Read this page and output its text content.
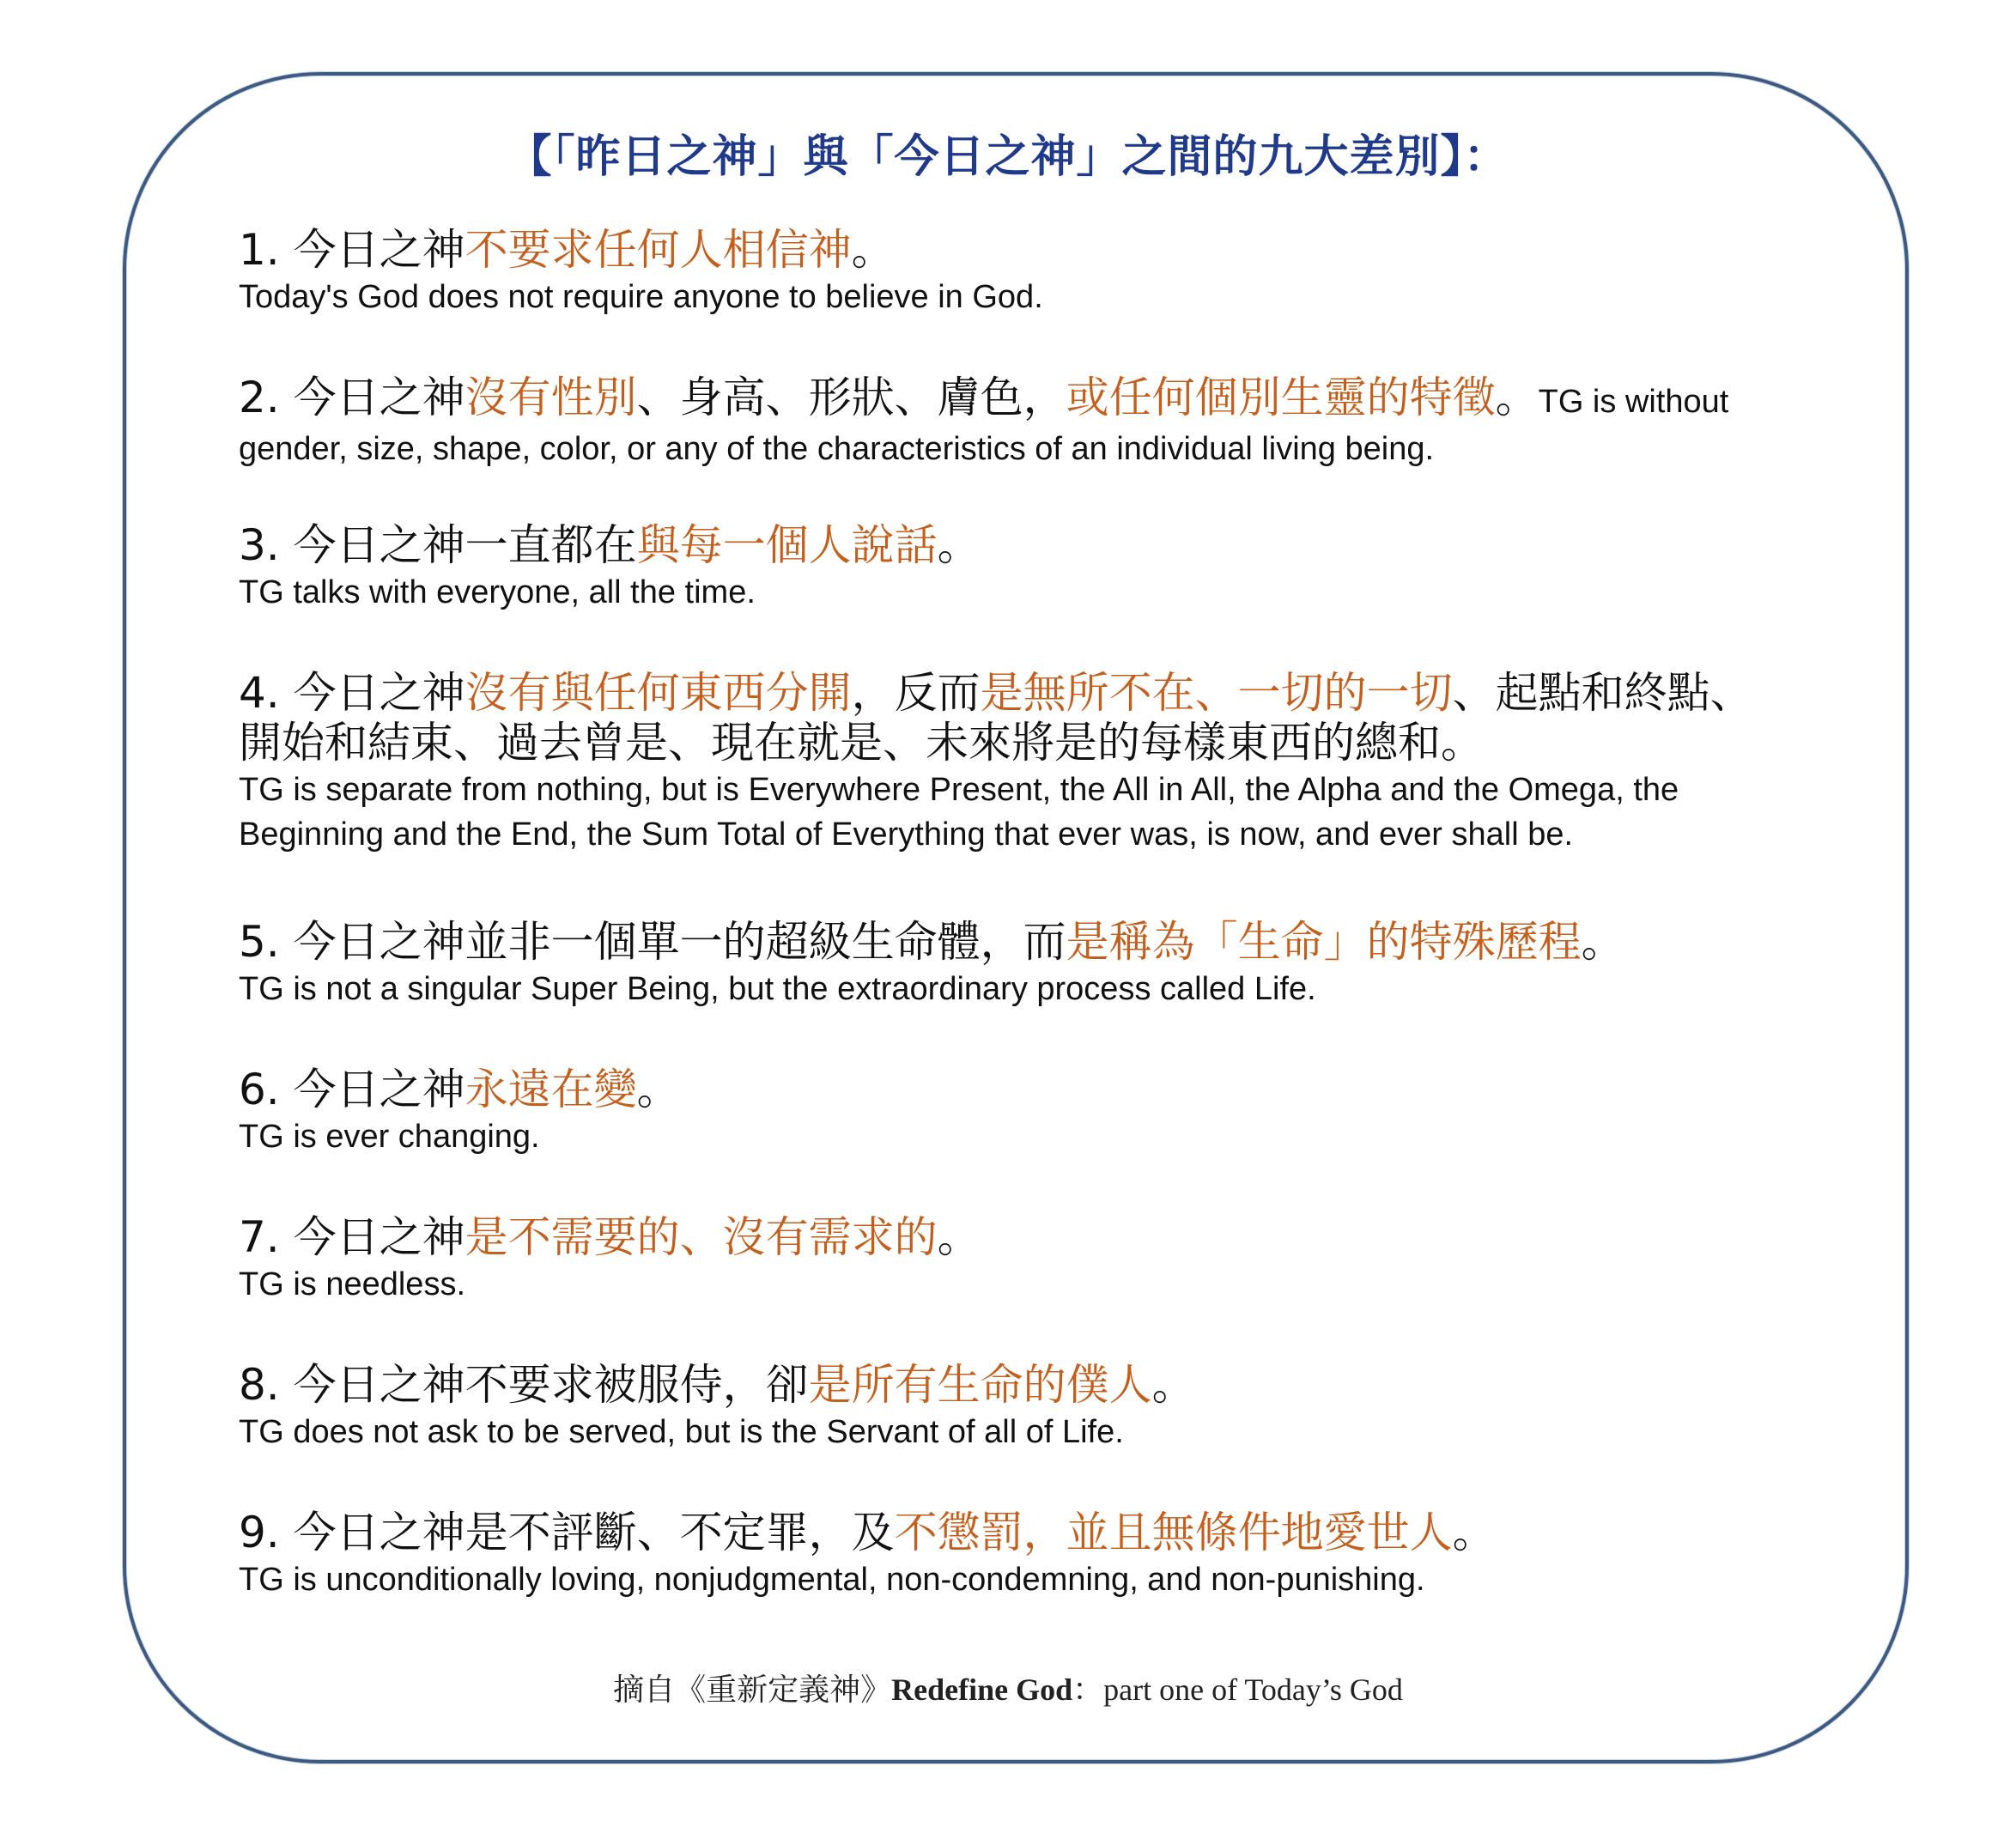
【「昨日之神」與「今日之神」之間的九大差別】：
1. 今日之神不要求任何人相信神。
Today's God does not require anyone to believe in God.
2. 今日之神沒有性別、身高、形狀、膚色，或任何個別生靈的特徵。TG is without
gender, size, shape, color, or any of the characteristics of an individual living being.
3. 今日之神一直都在與每一個人說話。
TG talks with everyone, all the time.
4. 今日之神沒有與任何東西分開，反而是無所不在、一切的一切、起點和終點、
開始和結束、過去曾是、現在就是、未來將是的每樣東西的總和。
TG is separate from nothing, but is Everywhere Present, the All in All, the Alpha and the Omega, the
Beginning and the End, the Sum Total of Everything that ever was, is now, and ever shall be.
5. 今日之神並非一個單一的超級生命體，而是稱為「生命」的特殊歷程。
TG is not a singular Super Being, but the extraordinary process called Life.
6. 今日之神永遠在變。
TG is ever changing.
7. 今日之神是不需要的、沒有需求的。
TG is needless.
8. 今日之神不要求被服侍，卻是所有生命的僕人。
TG does not ask to be served, but is the Servant of all of Life.
9. 今日之神是不評斷、不定罪，及不懲罰，並且無條件地愛世人。
TG is unconditionally loving, nonjudgmental, non-condemning, and non-punishing.
摘自《重新定義神》Redefine God：part one of Today’s God
